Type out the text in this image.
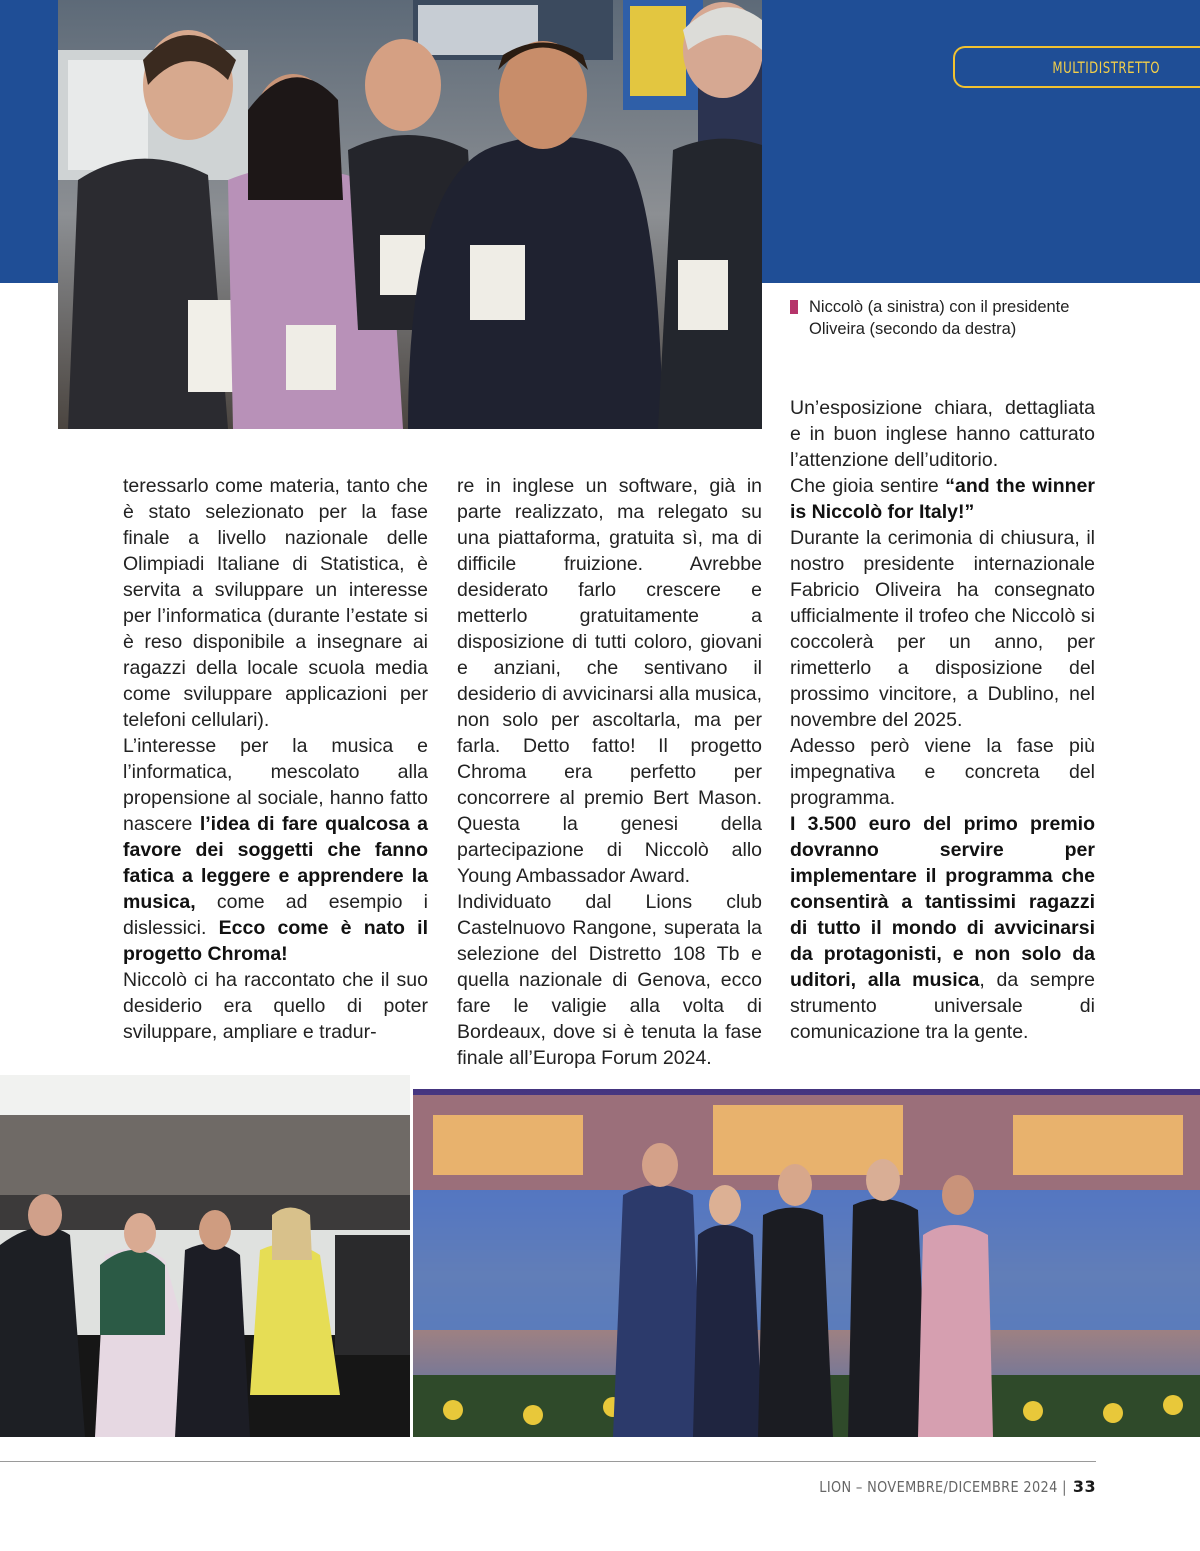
MULTIDISTRETTO
Niccolò (a sinistra) con il presidente
Oliveira (secondo da destra)

teressarlo come materia, tanto che è stato selezionato per la fase finale a livello nazionale delle Olimpiadi Italiane di Statistica, è servita a sviluppare un interesse per l’informatica (durante l’estate si è reso disponibile a insegnare ai ragazzi della locale scuola media come sviluppare applicazioni per telefoni cellulari).

L’interesse per la musica e l’informatica, mescolato alla propensione al sociale, hanno fatto nascere l’idea di fare qualcosa a favore dei soggetti che fanno fatica a leggere e apprendere la musica, come ad esempio i dislessici. Ecco come è nato il progetto Chroma!

Niccolò ci ha raccontato che il suo desiderio era quello di poter sviluppare, ampliare e tradur-

re in inglese un software, già in parte realizzato, ma relegato su una piattaforma, gratuita sì, ma di difficile fruizione. Avrebbe desiderato farlo crescere e metterlo gratuitamente a disposizione di tutti coloro, giovani e anziani, che sentivano il desiderio di avvicinarsi alla musica, non solo per ascoltarla, ma per farla. Detto fatto! Il progetto Chroma era perfetto per concorrere al premio Bert Mason. Questa la genesi della partecipazione di Niccolò allo Young Ambassador Award.

Individuato dal Lions club Castelnuovo Rangone, superata la selezione del Distretto 108 Tb e quella nazionale di Genova, ecco fare le valigie alla volta di Bordeaux, dove si è tenuta la fase finale all’Europa Forum 2024.

Un’esposizione chiara, dettagliata e in buon inglese hanno catturato l’attenzione dell’uditorio.

Che gioia sentire “and the winner is Niccolò for Italy!”

Durante la cerimonia di chiusura, il nostro presidente internazionale Fabricio Oliveira ha consegnato ufficialmente il trofeo che Niccolò si coccolerà per un anno, per rimetterlo a disposizione del prossimo vincitore, a Dublino, nel novembre del 2025.

Adesso però viene la fase più impegnativa e concreta del programma.

I 3.500 euro del primo premio dovranno servire per implementare il programma che consentirà a tantissimi ragazzi di tutto il mondo di avvicinarsi da protagonisti, e non solo da uditori, alla musica, da sempre strumento universale di comunicazione tra la gente.

LION – NOVEMBRE/DICEMBRE 2024 | 33
